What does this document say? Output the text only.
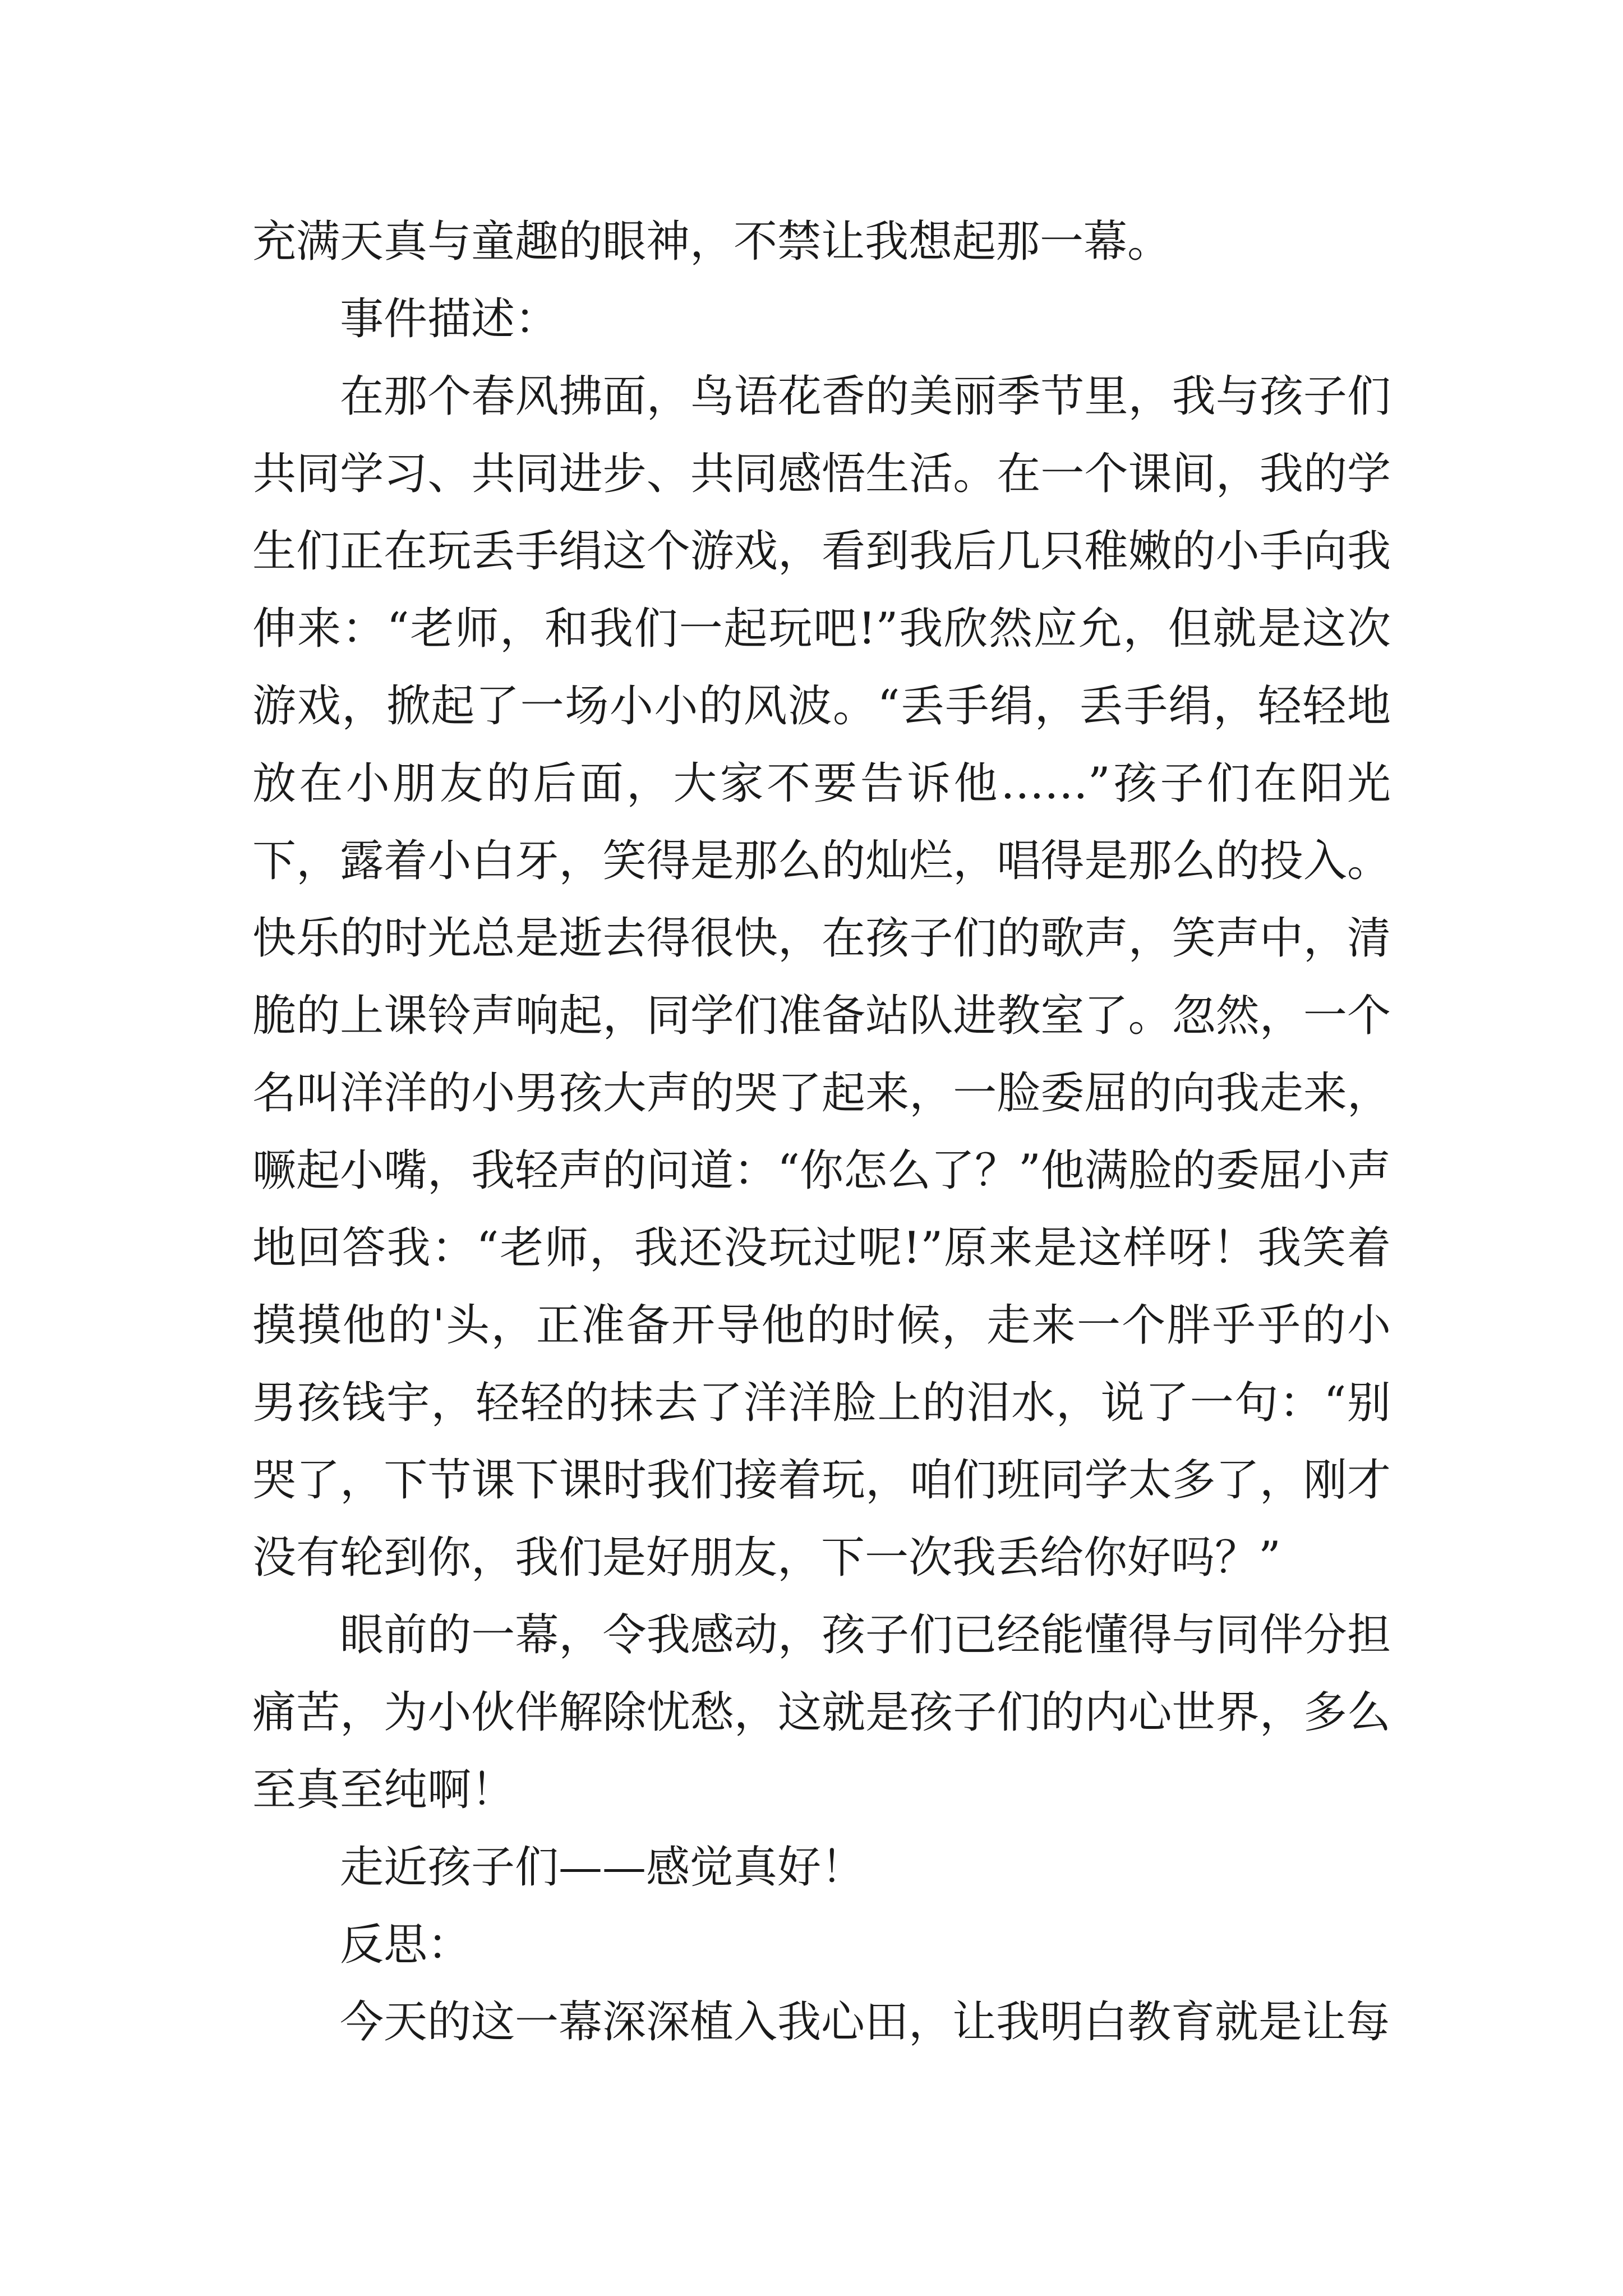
充满天真与童趣的眼神，不禁让我想起那一幕。

事件描述：

在那个春风拂面，鸟语花香的美丽季节里，我与孩子们共同学习、共同进步、共同感悟生活。在一个课间，我的学生们正在玩丢手绢这个游戏，看到我后几只稚嫩的小手向我伸来：“老师，和我们一起玩吧!”我欣然应允，但就是这次游戏，掀起了一场小小的风波。“丢手绢，丢手绢，轻轻地放在小朋友的后面，大家不要告诉他……”孩子们在阳光下，露着小白牙，笑得是那么的灿烂，唱得是那么的投入。快乐的时光总是逝去得很快，在孩子们的歌声，笑声中，清脆的上课铃声响起，同学们准备站队进教室了。忽然，一个名叫洋洋的小男孩大声的哭了起来，一脸委屈的向我走来，噘起小嘴，我轻声的问道：“你怎么了？”他满脸的委屈小声地回答我：“老师，我还没玩过呢!”原来是这样呀！我笑着摸摸他的'头，正准备开导他的时候，走来一个胖乎乎的小男孩钱宇，轻轻的抹去了洋洋脸上的泪水，说了一句：“别哭了，下节课下课时我们接着玩，咱们班同学太多了，刚才没有轮到你，我们是好朋友，下一次我丢给你好吗？”

眼前的一幕，令我感动，孩子们已经能懂得与同伴分担痛苦，为小伙伴解除忧愁，这就是孩子们的内心世界，多么至真至纯啊！

走近孩子们——感觉真好！

反思：

今天的这一幕深深植入我心田，让我明白教育就是让每
